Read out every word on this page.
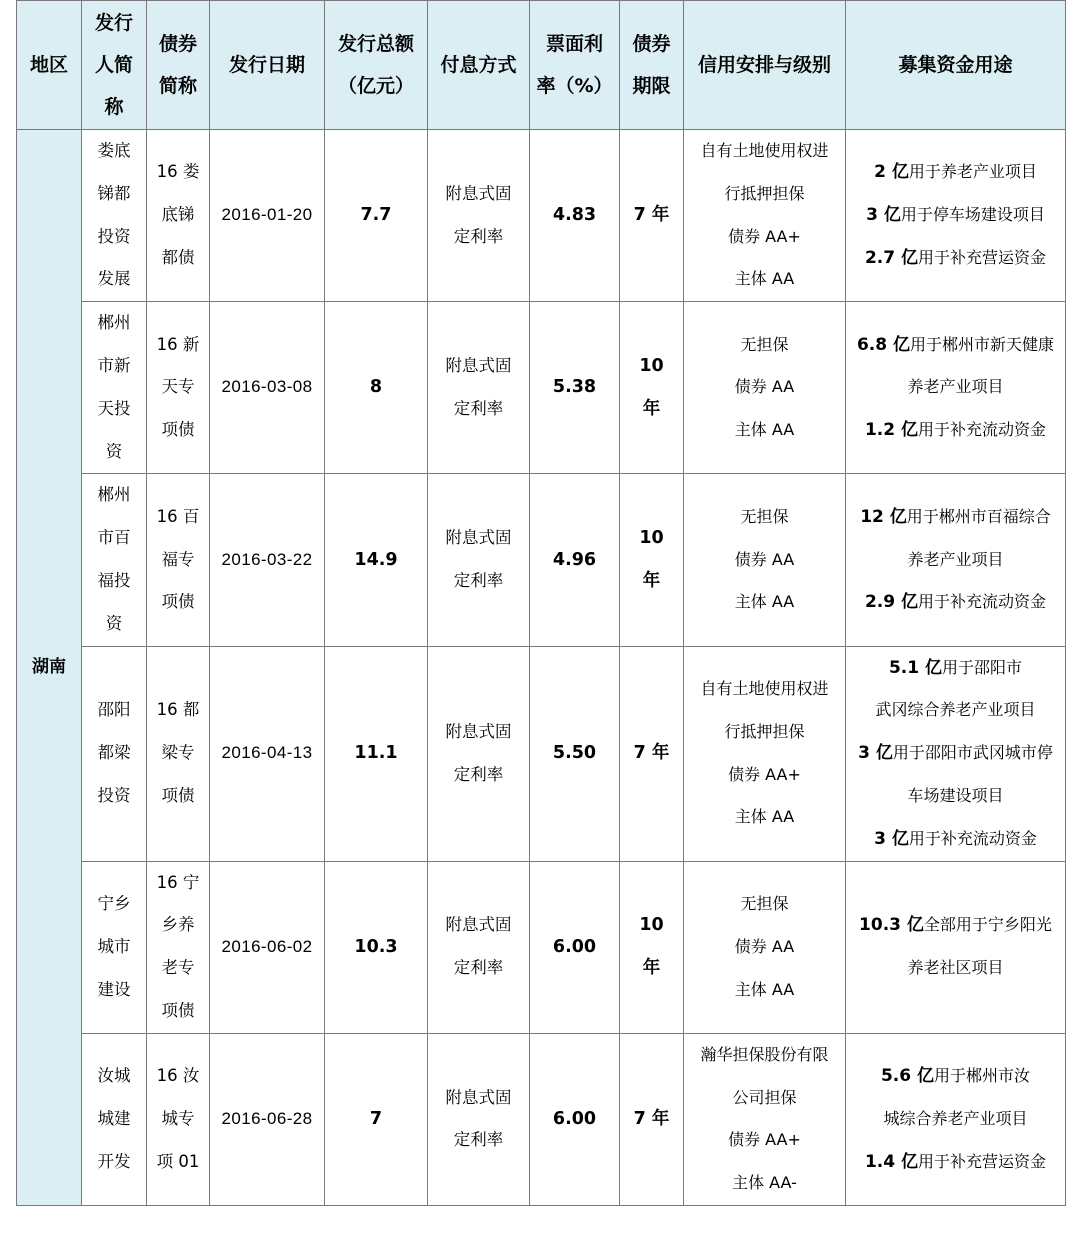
地区	发行
人简
称	债券
简称	发行日期	发行总额
（亿元）	付息方式	票面利
率（%）	债券
期限	信用安排与级别	募集资金用途
湖南	娄底
锑都
投资
发展	16 娄
底锑
都债	2016-01-20	7.7	附息式固
定利率	4.83	7 年	自有土地使用权进
行抵押担保
债券 AA+
主体 AA	2 亿用于养老产业项目
3 亿用于停车场建设项目
2.7 亿用于补充营运资金

	郴州
市新
天投
资	16 新
天专
项债	2016-03-08	8	附息式固
定利率	5.38	10
年	无担保
债券 AA
主体 AA	6.8 亿用于郴州市新天健康
养老产业项目
1.2 亿用于补充流动资金

	郴州
市百
福投
资	16 百
福专
项债	2016-03-22	14.9	附息式固
定利率	4.96	10
年	无担保
债券 AA
主体 AA	12 亿用于郴州市百福综合
养老产业项目
2.9 亿用于补充流动资金

	邵阳
都梁
投资	16 都
梁专
项债	2016-04-13	11.1	附息式固
定利率	5.50	7 年	自有土地使用权进
行抵押担保
债券 AA+
主体 AA	5.1 亿用于邵阳市
武冈综合养老产业项目
3 亿用于邵阳市武冈城市停
车场建设项目
3 亿用于补充流动资金

	宁乡
城市
建设	16 宁
乡养
老专
项债	2016-06-02	10.3	附息式固
定利率	6.00	10
年	无担保
债券 AA
主体 AA	10.3 亿全部用于宁乡阳光
养老社区项目

	汝城
城建
开发	16 汝
城专
项 01	2016-06-28	7	附息式固
定利率	6.00	7 年	瀚华担保股份有限
公司担保
债券 AA+
主体 AA-	5.6 亿用于郴州市汝
城综合养老产业项目
1.4 亿用于补充营运资金
